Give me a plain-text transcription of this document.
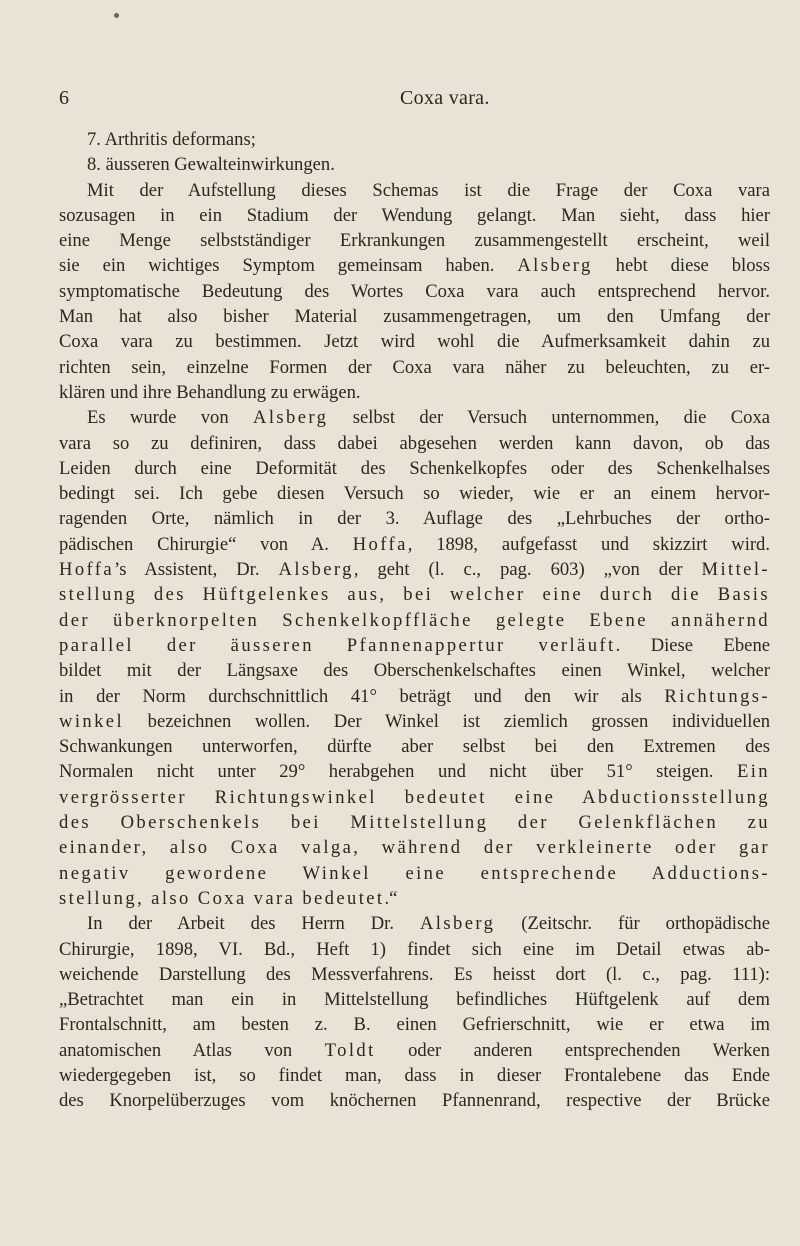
6	Coxa vara.
7. Arthritis deformans;
8. äusseren Gewalteinwirkungen.
Mit der Aufstellung dieses Schemas ist die Frage der Coxa vara
sozusagen in ein Stadium der Wendung gelangt. Man sieht, dass hier
eine Menge selbstständiger Erkrankungen zusammengestellt erscheint, weil
sie ein wichtiges Symptom gemeinsam haben. Alsberg hebt diese bloss
symptomatische Bedeutung des Wortes Coxa vara auch entsprechend hervor.
Man hat also bisher Material zusammengetragen, um den Umfang der
Coxa vara zu bestimmen. Jetzt wird wohl die Aufmerksamkeit dahin zu
richten sein, einzelne Formen der Coxa vara näher zu beleuchten, zu er-
klären und ihre Behandlung zu erwägen.
Es wurde von Alsberg selbst der Versuch unternommen, die Coxa
vara so zu definiren, dass dabei abgesehen werden kann davon, ob das
Leiden durch eine Deformität des Schenkelkopfes oder des Schenkelhalses
bedingt sei. Ich gebe diesen Versuch so wieder, wie er an einem hervor-
ragenden Orte, nämlich in der 3. Auflage des „Lehrbuches der ortho-
pädischen Chirurgie“ von A. Hoffa, 1898, aufgefasst und skizzirt wird.
Hoffa’s Assistent, Dr. Alsberg, geht (l. c., pag. 603) „von der Mittel-
stellung des Hüftgelenkes aus, bei welcher eine durch die Basis
der überknorpelten Schenkelkopffläche gelegte Ebene annähernd
parallel der äusseren Pfannenappertur verläuft. Diese Ebene
bildet mit der Längsaxe des Oberschenkelschaftes einen Winkel, welcher
in der Norm durchschnittlich 41° beträgt und den wir als Richtungs-
winkel bezeichnen wollen. Der Winkel ist ziemlich grossen individuellen
Schwankungen unterworfen, dürfte aber selbst bei den Extremen des
Normalen nicht unter 29° herabgehen und nicht über 51° steigen. Ein
vergrösserter Richtungswinkel bedeutet eine Abductionsstellung
des Oberschenkels bei Mittelstellung der Gelenkflächen zu
einander, also Coxa valga, während der verkleinerte oder gar
negativ gewordene Winkel eine entsprechende Adductions-
stellung, also Coxa vara bedeutet.“
In der Arbeit des Herrn Dr. Alsberg (Zeitschr. für orthopädische
Chirurgie, 1898, VI. Bd., Heft 1) findet sich eine im Detail etwas ab-
weichende Darstellung des Messverfahrens. Es heisst dort (l. c., pag. 111):
„Betrachtet man ein in Mittelstellung befindliches Hüftgelenk auf dem
Frontalschnitt, am besten z. B. einen Gefrierschnitt, wie er etwa im
anatomischen Atlas von Toldt oder anderen entsprechenden Werken
wiedergegeben ist, so findet man, dass in dieser Frontalebene das Ende
des Knorpelüberzuges vom knöchernen Pfannenrand, respective der Brücke
